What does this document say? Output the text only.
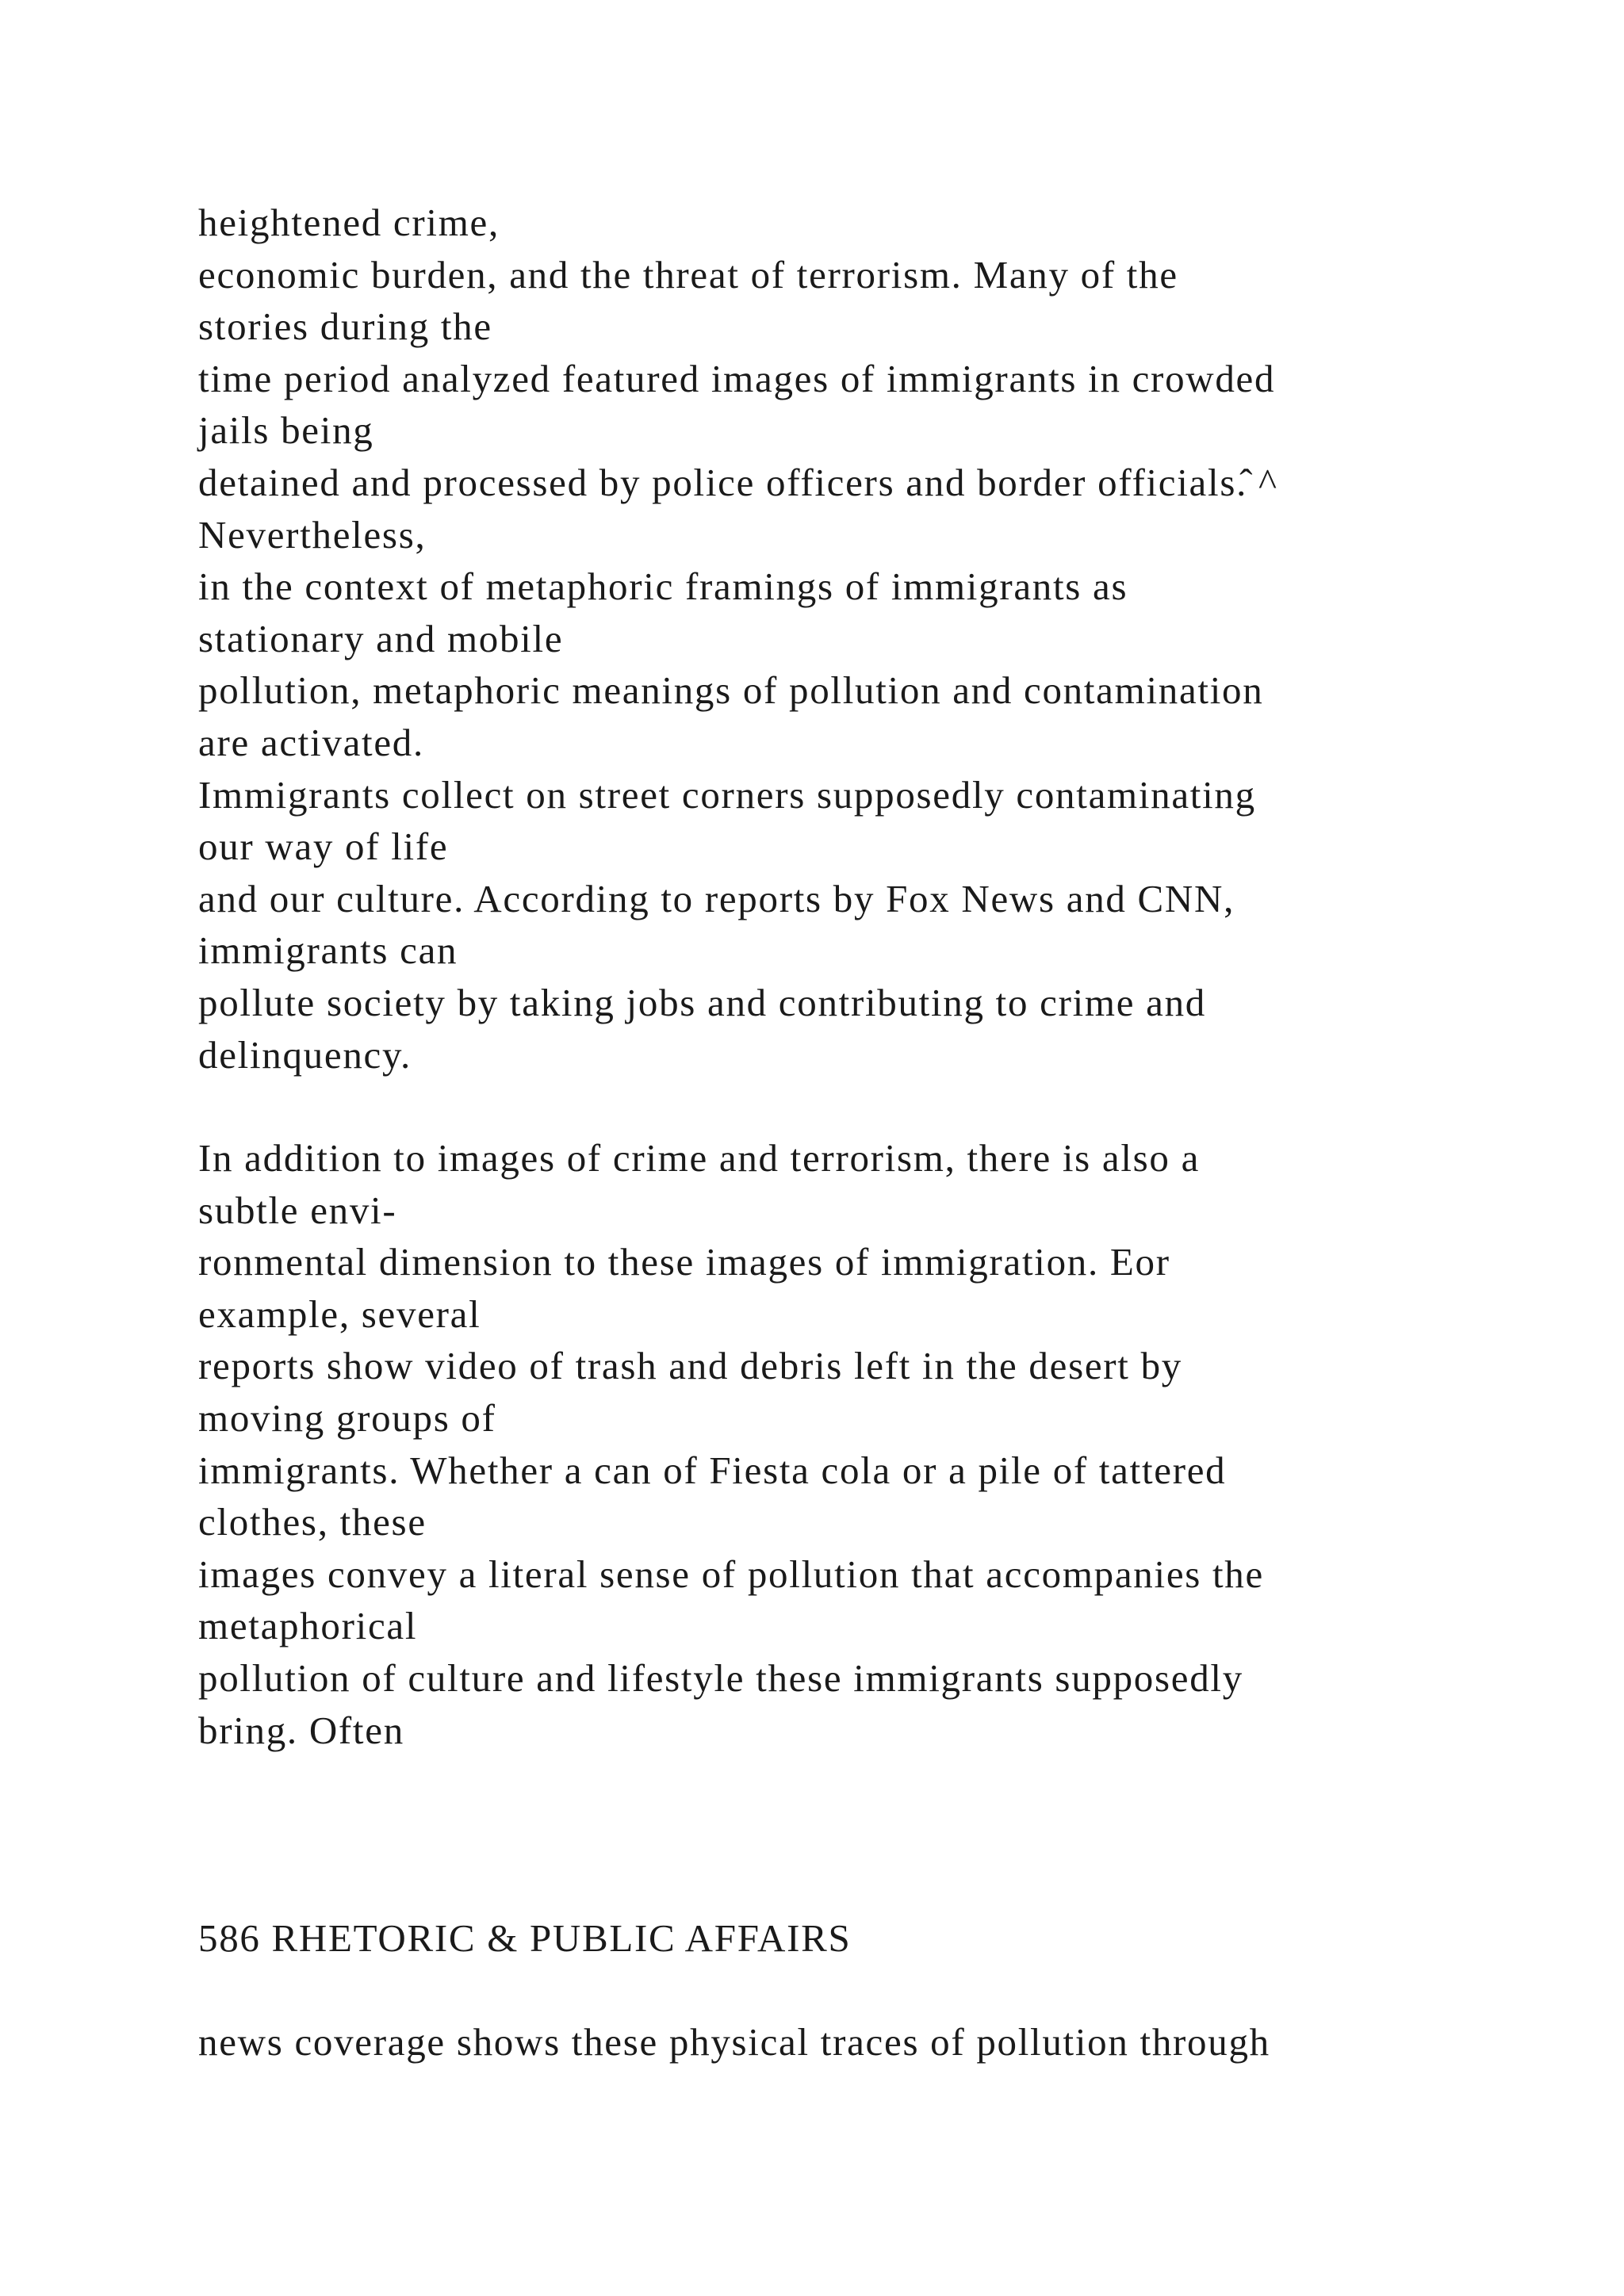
heightened crime,
economic burden, and the threat of terrorism. Many of the
stories during the
time period analyzed featured images of immigrants in crowded
jails being
detained and processed by police officers and border officials.̂ ^
Nevertheless,
in the context of metaphoric framings of immigrants as
stationary and mobile
pollution, metaphoric meanings of pollution and contamination
are activated.
Immigrants collect on street corners supposedly contaminating
our way of life
and our culture. According to reports by Fox News and CNN,
immigrants can
pollute society by taking jobs and contributing to crime and
delinquency.

In addition to images of crime and terrorism, there is also a
subtle envi-
ronmental dimension to these images of immigration. Eor
example, several
reports show video of trash and debris left in the desert by
moving groups of
immigrants. Whether a can of Fiesta cola or a pile of tattered
clothes, these
images convey a literal sense of pollution that accompanies the
metaphorical
pollution of culture and lifestyle these immigrants supposedly
bring. Often

586 RHETORIC & PUBLIC AFFAIRS

news coverage shows these physical traces of pollution through
